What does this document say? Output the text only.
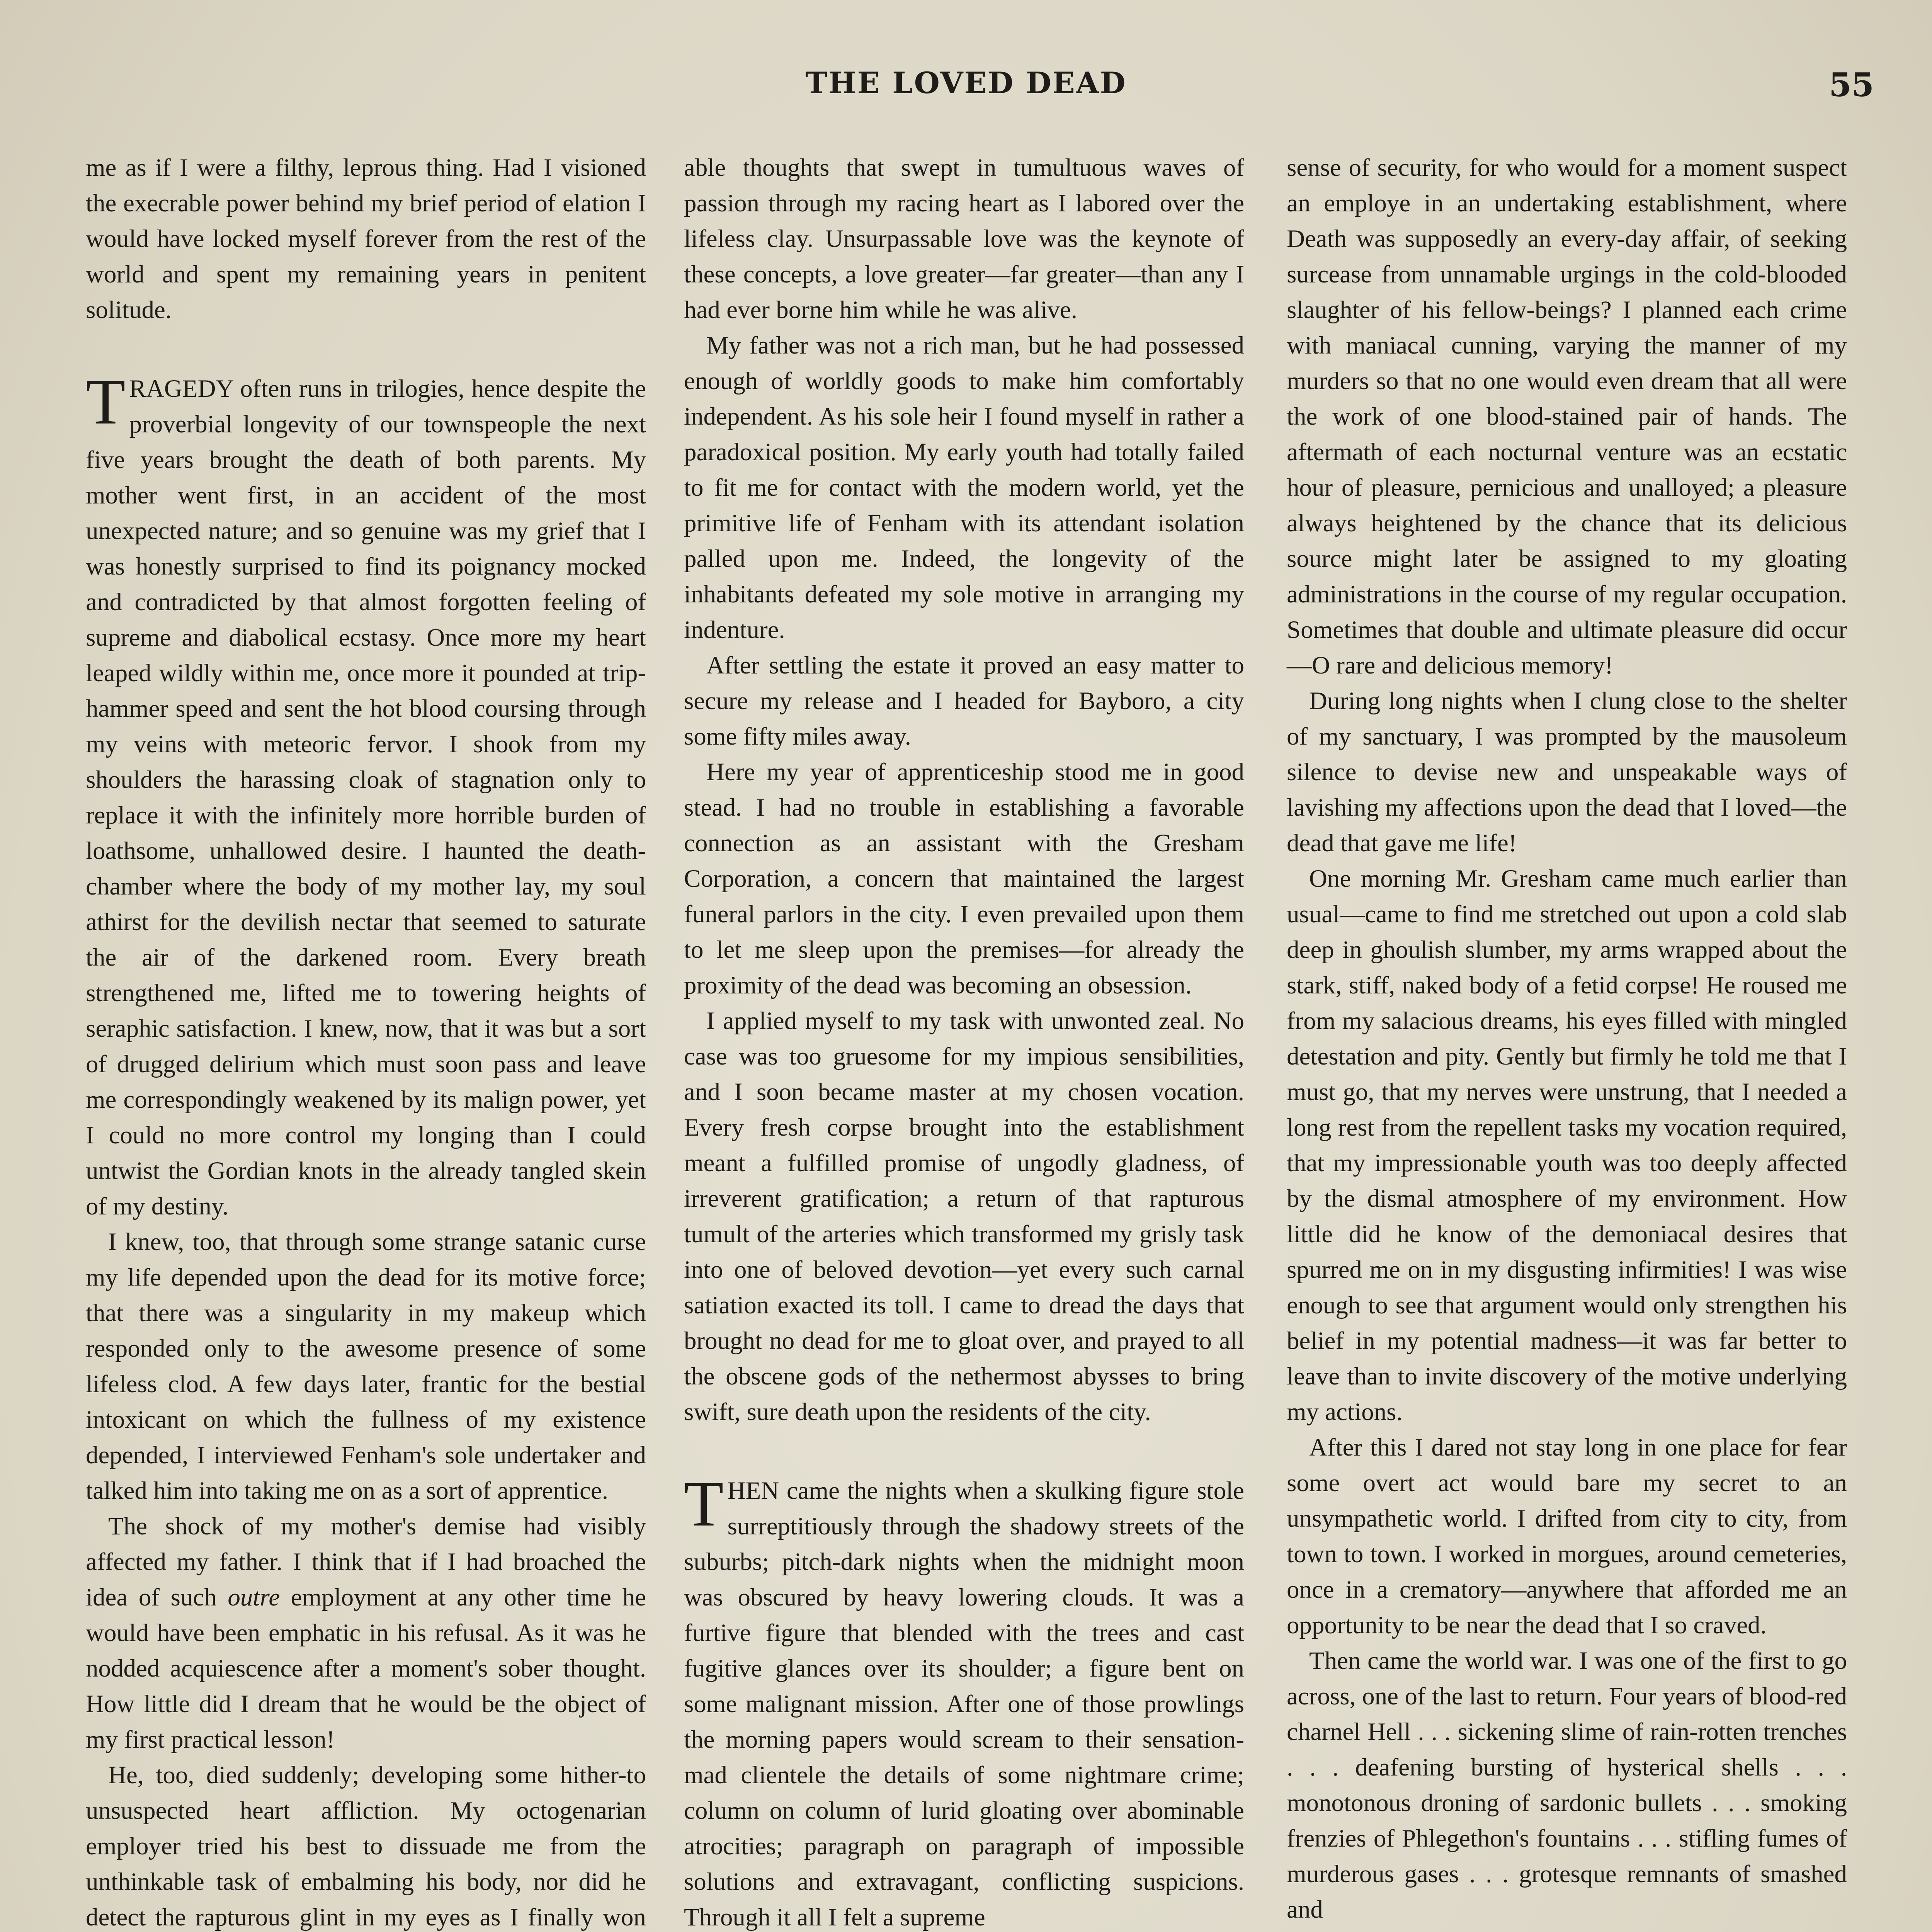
THE LOVED DEAD	55

me as if I were a filthy, leprous thing. Had I visioned the execrable power behind my brief period of elation I would have locked myself forever from the rest of the world and spent my remaining years in penitent solitude.

TRAGEDY often runs in trilogies, hence despite the proverbial longevity of our townspeople the next five years brought the death of both parents. My mother went first, in an accident of the most unexpected nature; and so genuine was my grief that I was honestly surprised to find its poignancy mocked and contradicted by that almost forgotten feeling of supreme and diabolical ecstasy. Once more my heart leaped wildly within me, once more it pounded at trip-hammer speed and sent the hot blood coursing through my veins with meteoric fervor. I shook from my shoulders the harassing cloak of stagnation only to replace it with the infinitely more horrible burden of loathsome, unhallowed desire. I haunted the death-chamber where the body of my mother lay, my soul athirst for the devilish nectar that seemed to saturate the air of the darkened room. Every breath strengthened me, lifted me to towering heights of seraphic satisfaction. I knew, now, that it was but a sort of drugged delirium which must soon pass and leave me correspondingly weakened by its malign power, yet I could no more control my longing than I could untwist the Gordian knots in the already tangled skein of my destiny.

I knew, too, that through some strange satanic curse my life depended upon the dead for its motive force; that there was a singularity in my makeup which responded only to the awesome presence of some lifeless clod. A few days later, frantic for the bestial intoxicant on which the fullness of my existence depended, I interviewed Fenham's sole undertaker and talked him into taking me on as a sort of apprentice.

The shock of my mother's demise had visibly affected my father. I think that if I had broached the idea of such outre employment at any other time he would have been emphatic in his refusal. As it was he nodded acquiescence after a moment's sober thought. How little did I dream that he would be the object of my first practical lesson!

He, too, died suddenly; developing some hither-to unsuspected heart affliction. My octogenarian employer tried his best to dissuade me from the unthinkable task of embalming his body, nor did he detect the rapturous glint in my eyes as I finally won

able thoughts that swept in tumultuous waves of passion through my racing heart as I labored over the lifeless clay. Unsurpassable love was the keynote of these concepts, a love greater—far greater—than any I had ever borne him while he was alive.

My father was not a rich man, but he had possessed enough of worldly goods to make him comfortably independent. As his sole heir I found myself in rather a paradoxical position. My early youth had totally failed to fit me for contact with the modern world, yet the primitive life of Fenham with its attendant isolation palled upon me. Indeed, the longevity of the inhabitants defeated my sole motive in arranging my indenture.

After settling the estate it proved an easy matter to secure my release and I headed for Bayboro, a city some fifty miles away.

Here my year of apprenticeship stood me in good stead. I had no trouble in establishing a favorable connection as an assistant with the Gresham Corporation, a concern that maintained the largest funeral parlors in the city. I even prevailed upon them to let me sleep upon the premises—for already the proximity of the dead was becoming an obsession.

I applied myself to my task with unwonted zeal. No case was too gruesome for my impious sensibilities, and I soon became master at my chosen vocation. Every fresh corpse brought into the establishment meant a fulfilled promise of ungodly gladness, of irreverent gratification; a return of that rapturous tumult of the arteries which transformed my grisly task into one of beloved devotion—yet every such carnal satiation exacted its toll. I came to dread the days that brought no dead for me to gloat over, and prayed to all the obscene gods of the nethermost abysses to bring swift, sure death upon the residents of the city.

THEN came the nights when a skulking figure stole surreptitiously through the shadowy streets of the suburbs; pitch-dark nights when the midnight moon was obscured by heavy lowering clouds. It was a furtive figure that blended with the trees and cast fugitive glances over its shoulder; a figure bent on some malignant mission. After one of those prowlings the morning papers would scream to their sensation-mad clientele the details of some nightmare crime; column on column of lurid gloating over abominable atrocities; paragraph on paragraph of impossible solutions and extravagant, conflicting suspicions. Through it all I felt a supreme

sense of security, for who would for a moment suspect an employe in an undertaking establishment, where Death was supposedly an every-day affair, of seeking surcease from unnamable urgings in the cold-blooded slaughter of his fellow-beings? I planned each crime with maniacal cunning, varying the manner of my murders so that no one would even dream that all were the work of one blood-stained pair of hands. The aftermath of each nocturnal venture was an ecstatic hour of pleasure, pernicious and unalloyed; a pleasure always heightened by the chance that its delicious source might later be assigned to my gloating administrations in the course of my regular occupation. Sometimes that double and ultimate pleasure did occur—O rare and delicious memory!

During long nights when I clung close to the shelter of my sanctuary, I was prompted by the mausoleum silence to devise new and unspeakable ways of lavishing my affections upon the dead that I loved—the dead that gave me life!

One morning Mr. Gresham came much earlier than usual—came to find me stretched out upon a cold slab deep in ghoulish slumber, my arms wrapped about the stark, stiff, naked body of a fetid corpse! He roused me from my salacious dreams, his eyes filled with mingled detestation and pity. Gently but firmly he told me that I must go, that my nerves were unstrung, that I needed a long rest from the repellent tasks my vocation required, that my impressionable youth was too deeply affected by the dismal atmosphere of my environment. How little did he know of the demoniacal desires that spurred me on in my disgusting infirmities! I was wise enough to see that argument would only strengthen his belief in my potential madness—it was far better to leave than to invite discovery of the motive underlying my actions.

After this I dared not stay long in one place for fear some overt act would bare my secret to an unsympathetic world. I drifted from city to city, from town to town. I worked in morgues, around cemeteries, once in a crematory—anywhere that afforded me an opportunity to be near the dead that I so craved.

Then came the world war. I was one of the first to go across, one of the last to return. Four years of blood-red charnel Hell . . . sickening slime of rain-rotten trenches . . . deafening bursting of hysterical shells . . . monotonous droning of sardonic bullets . . . smoking frenzies of Phlegethon's fountains . . . stifling fumes of murderous gases . . . grotesque remnants of smashed and
